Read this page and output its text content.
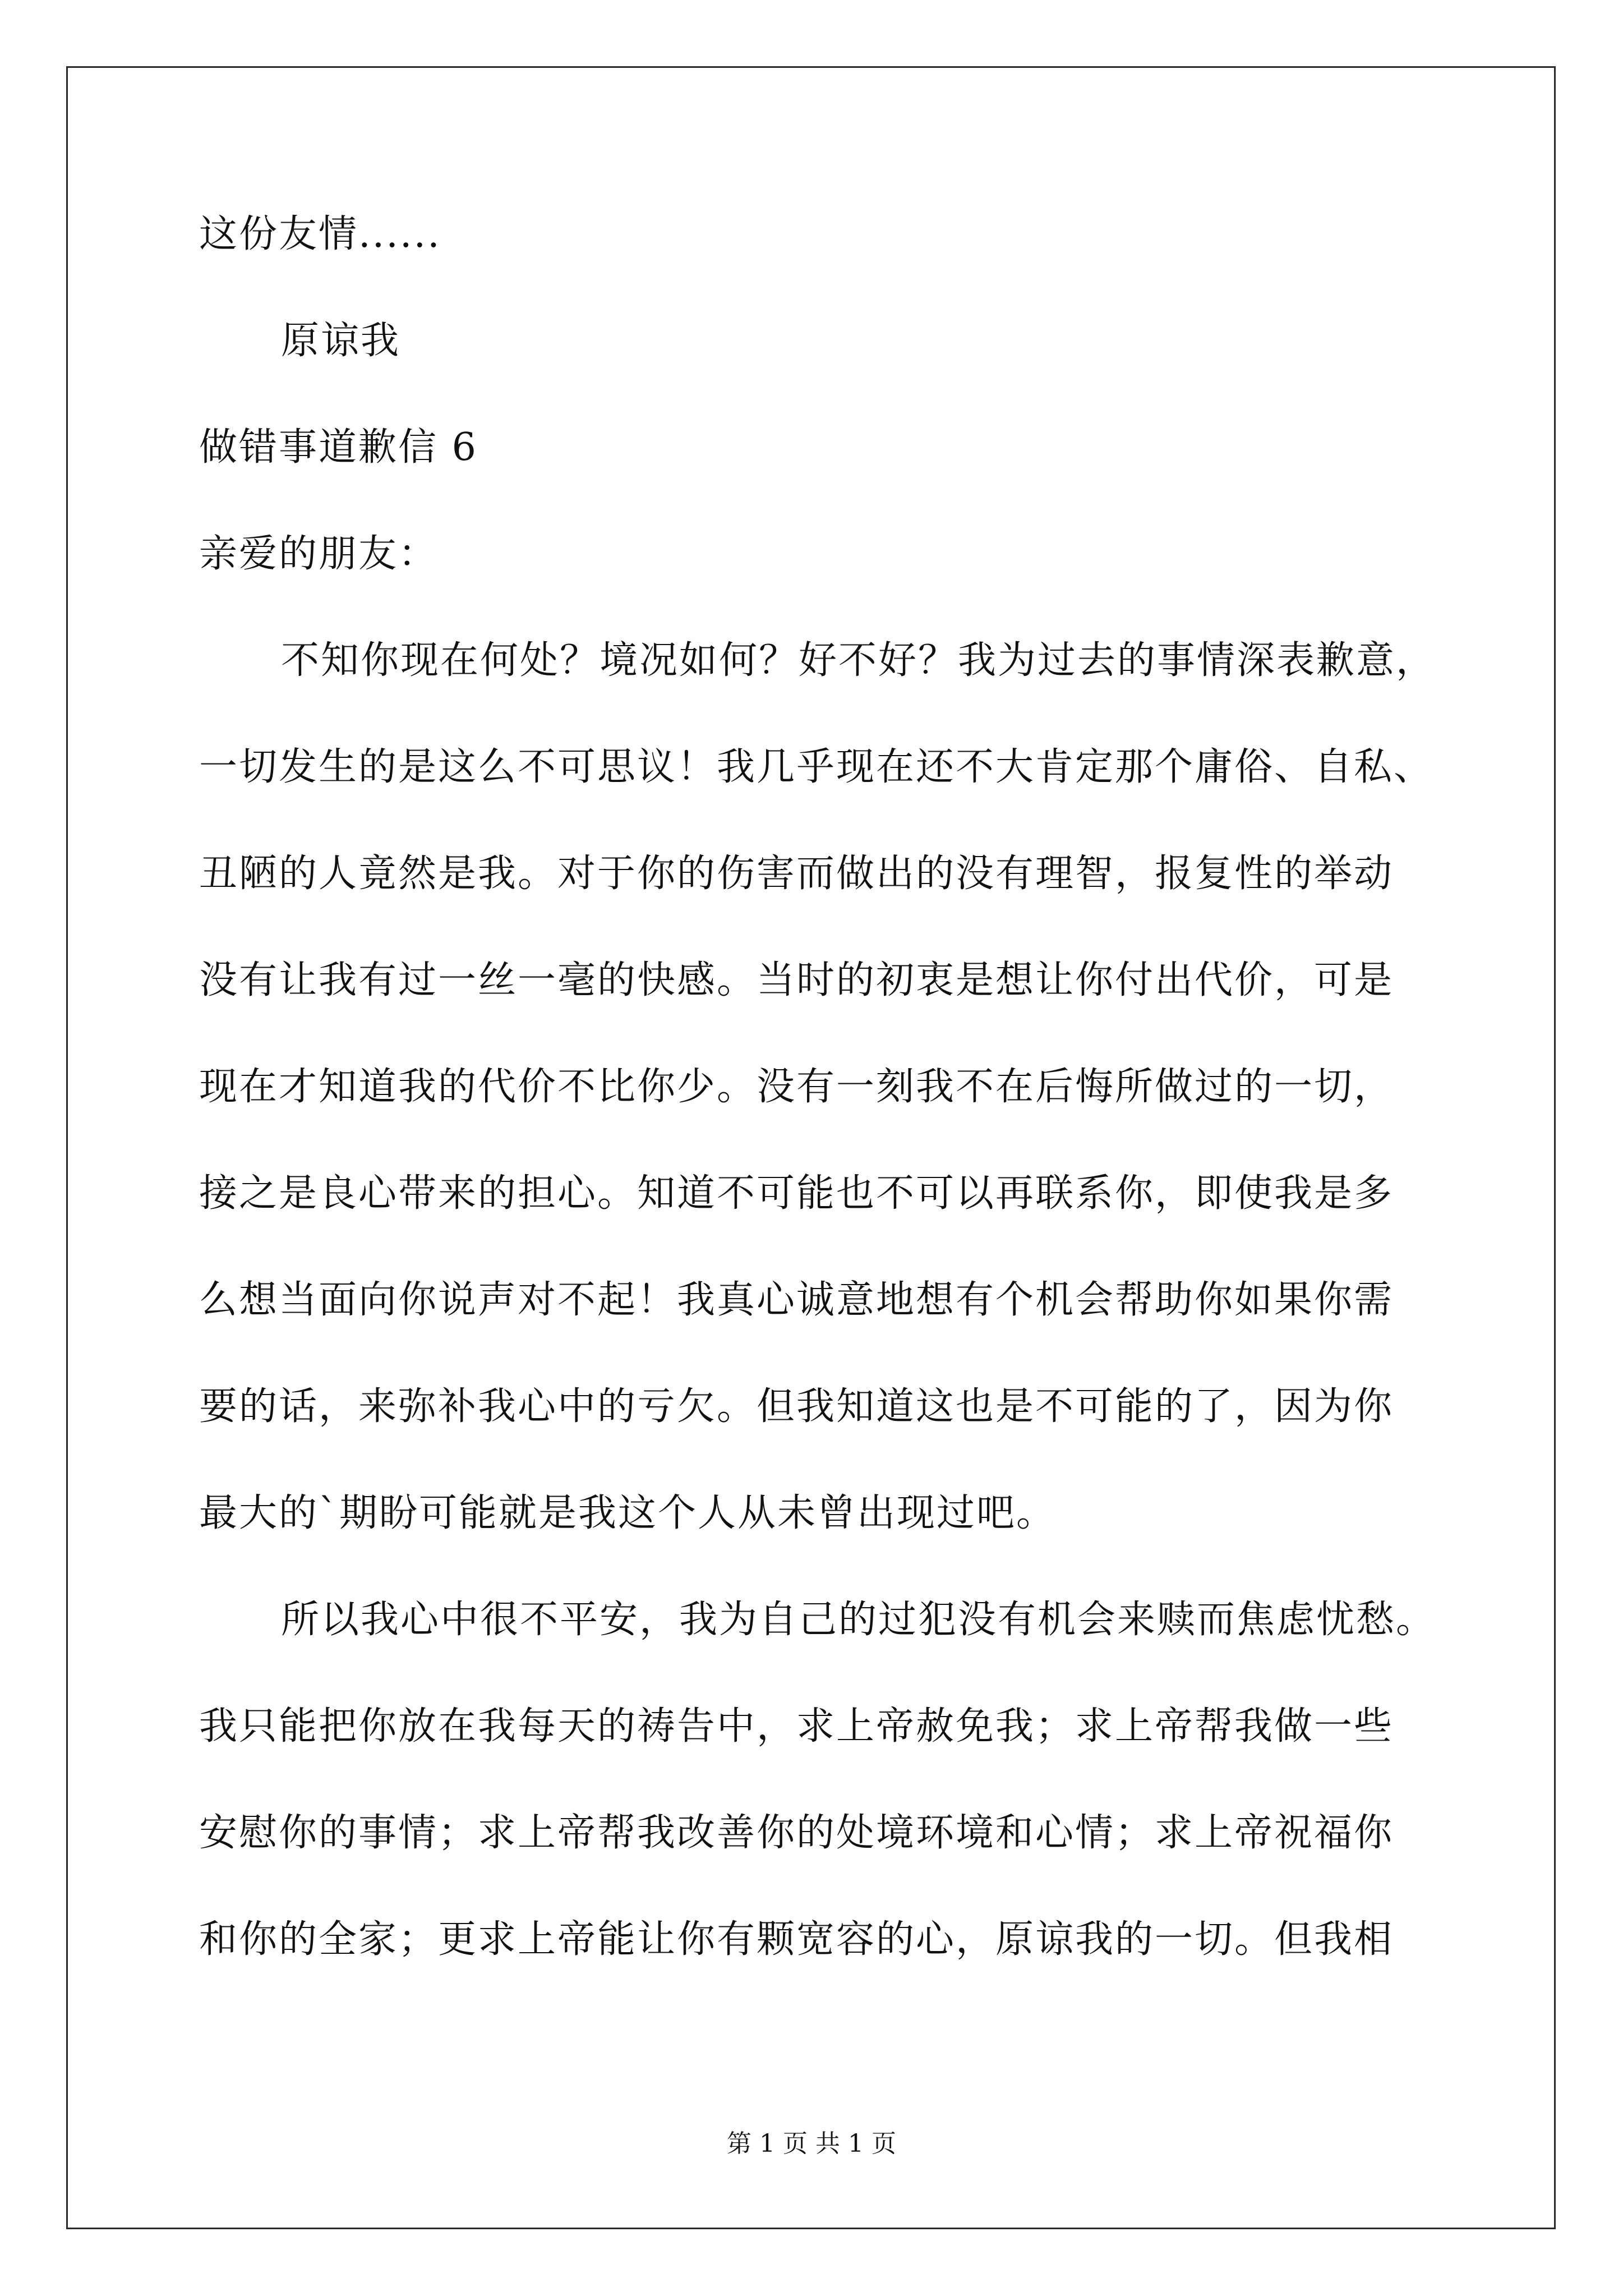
这份友情......

原谅我

做错事道歉信 6

亲爱的朋友：

不知你现在何处？境况如何？好不好？我为过去的事情深表歉意，

一切发生的是这么不可思议！我几乎现在还不大肯定那个庸俗、自私、

丑陋的人竟然是我。对于你的伤害而做出的没有理智，报复性的举动

没有让我有过一丝一毫的快感。当时的初衷是想让你付出代价，可是

现在才知道我的代价不比你少。没有一刻我不在后悔所做过的一切，

接之是良心带来的担心。知道不可能也不可以再联系你，即使我是多

么想当面向你说声对不起！我真心诚意地想有个机会帮助你如果你需

要的话，来弥补我心中的亏欠。但我知道这也是不可能的了，因为你

最大的`期盼可能就是我这个人从未曾出现过吧。

所以我心中很不平安，我为自己的过犯没有机会来赎而焦虑忧愁。

我只能把你放在我每天的祷告中，求上帝赦免我；求上帝帮我做一些

安慰你的事情；求上帝帮我改善你的处境环境和心情；求上帝祝福你

和你的全家；更求上帝能让你有颗宽容的心，原谅我的一切。但我相

第 1 页 共 1 页
